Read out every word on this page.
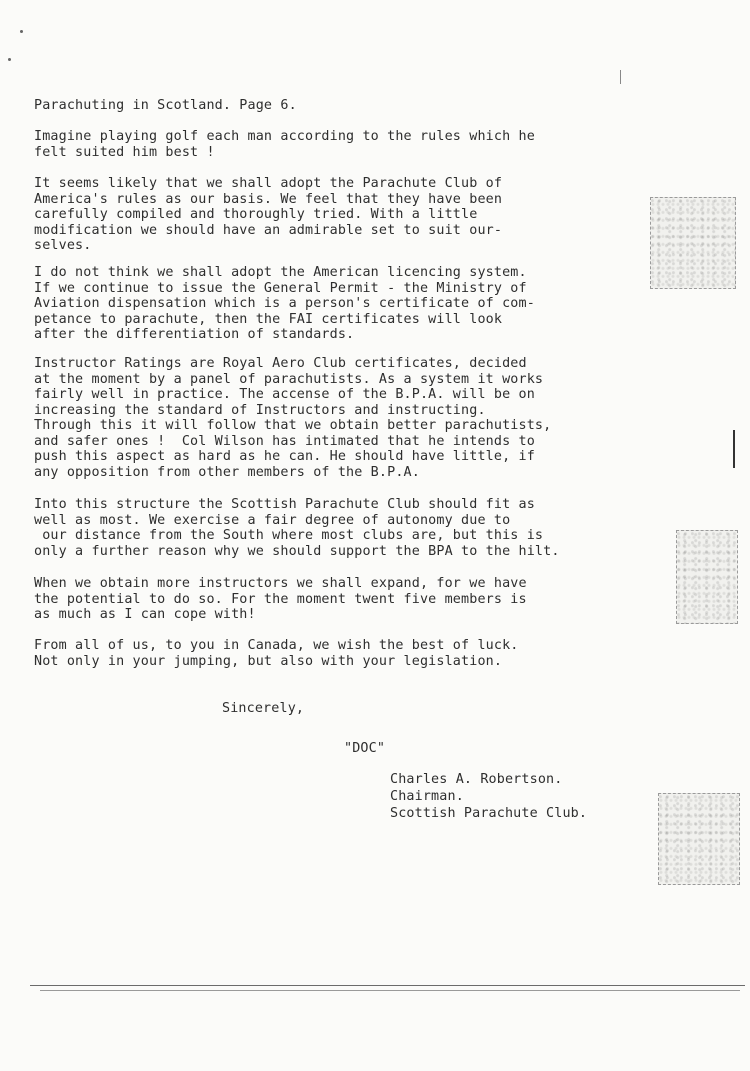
Parachuting in Scotland. Page 6.
Imagine playing golf each man according to the rules which he
felt suited him best !
It seems likely that we shall adopt the Parachute Club of
America's rules as our basis. We feel that they have been
carefully compiled and thoroughly tried. With a little
modification we should have an admirable set to suit our-
selves.
I do not think we shall adopt the American licencing system.
If we continue to issue the General Permit - the Ministry of
Aviation dispensation which is a person's certificate of com-
petance to parachute, then the FAI certificates will look
after the differentiation of standards.
Instructor Ratings are Royal Aero Club certificates, decided
at the moment by a panel of parachutists. As a system it works
fairly well in practice. The accense of the B.P.A. will be on
increasing the standard of Instructors and instructing.
Through this it will follow that we obtain better parachutists,
and safer ones !  Col Wilson has intimated that he intends to
push this aspect as hard as he can. He should have little, if
any opposition from other members of the B.P.A.
Into this structure the Scottish Parachute Club should fit as
well as most. We exercise a fair degree of autonomy due to
our distance from the South where most clubs are, but this is
only a further reason why we should support the BPA to the hilt.
When we obtain more instructors we shall expand, for we have
the potential to do so. For the moment twent five members is
as much as I can cope with!
From all of us, to you in Canada, we wish the best of luck.
Not only in your jumping, but also with your legislation.
Sincerely,
"DOC"
Charles A. Robertson.
Chairman.
Scottish Parachute Club.
